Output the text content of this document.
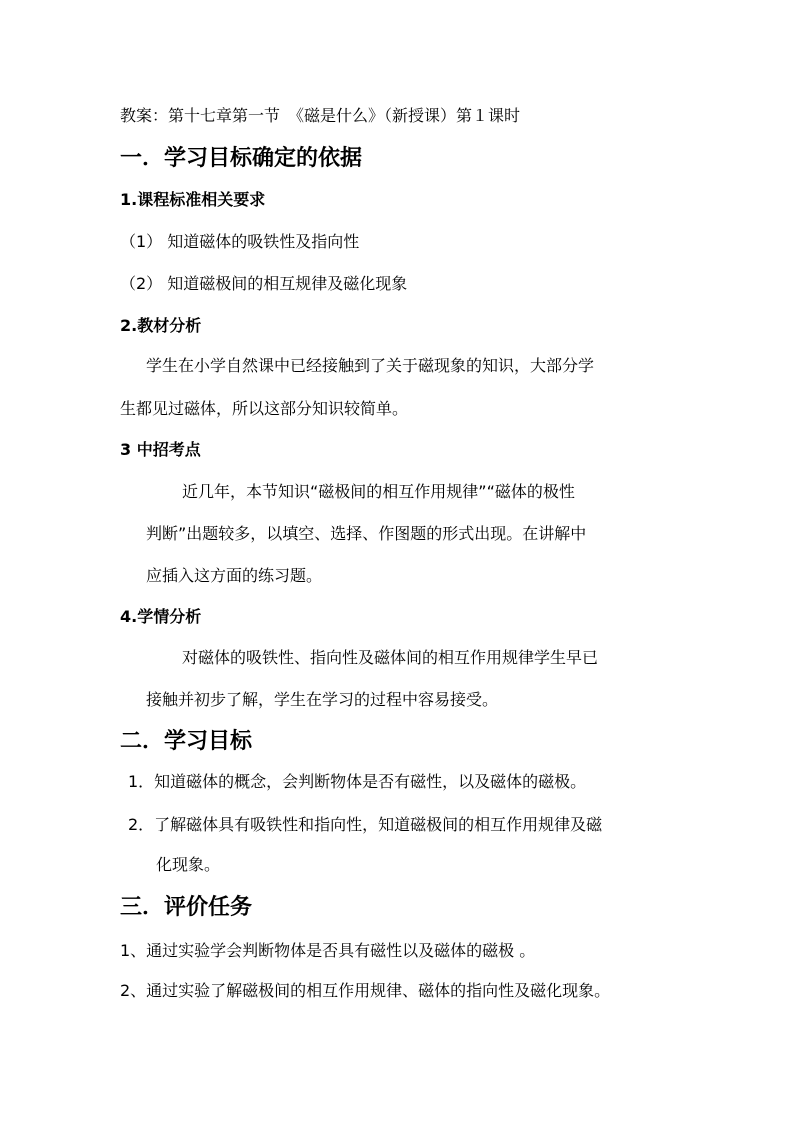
教案：第十七章第一节　《磁是什么》（新授课）第１课时
一．学习目标确定的依据
1.课程标准相关要求
（1） 知道磁体的吸铁性及指向性
（2） 知道磁极间的相互规律及磁化现象
2.教材分析
学生在小学自然课中已经接触到了关于磁现象的知识，大部分学
生都见过磁体，所以这部分知识较简单。
3 中招考点
近几年，本节知识“磁极间的相互作用规律”“磁体的极性
判断”出题较多，以填空、选择、作图题的形式出现。在讲解中
应插入这方面的练习题。
4.学情分析
对磁体的吸铁性、指向性及磁体间的相互作用规律学生早已
接触并初步了解，学生在学习的过程中容易接受。
二．学习目标
1．知道磁体的概念，会判断物体是否有磁性，以及磁体的磁极。
2．了解磁体具有吸铁性和指向性，知道磁极间的相互作用规律及磁
化现象。
三．评价任务
1、通过实验学会判断物体是否具有磁性以及磁体的磁极 。
2、通过实验了解磁极间的相互作用规律、磁体的指向性及磁化现象。
